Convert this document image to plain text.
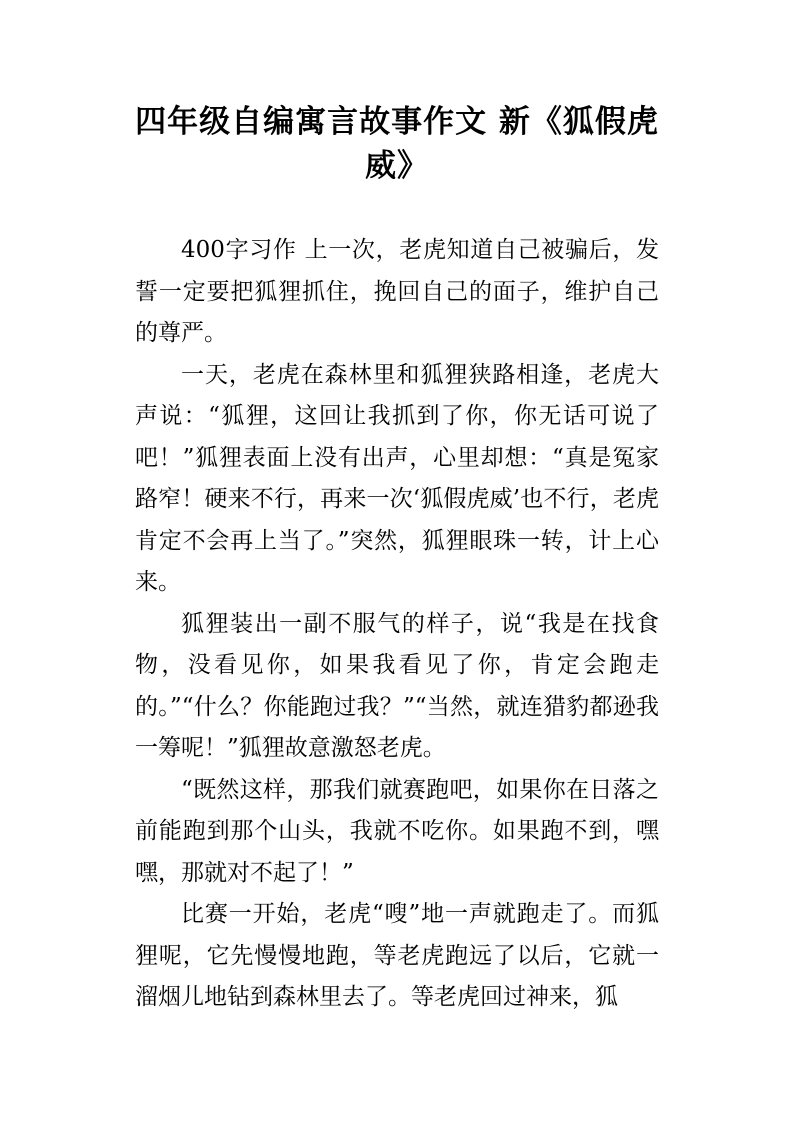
四年级自编寓言故事作文 新《狐假虎威》

400字习作 上一次，老虎知道自己被骗后，发誓一定要把狐狸抓住，挽回自己的面子，维护自己的尊严。

一天，老虎在森林里和狐狸狭路相逢，老虎大声说：“狐狸，这回让我抓到了你，你无话可说了吧！”狐狸表面上没有出声，心里却想：“真是冤家路窄！硬来不行，再来一次‘狐假虎威’也不行，老虎肯定不会再上当了。”突然，狐狸眼珠一转，计上心来。

狐狸装出一副不服气的样子，说“我是在找食物，没看见你，如果我看见了你，肯定会跑走的。”“什么？你能跑过我？”“当然，就连猎豹都逊我一筹呢！”狐狸故意激怒老虎。

“既然这样，那我们就赛跑吧，如果你在日落之前能跑到那个山头，我就不吃你。如果跑不到，嘿嘿，那就对不起了！”

比赛一开始，老虎“嗖”地一声就跑走了。而狐狸呢，它先慢慢地跑，等老虎跑远了以后，它就一溜烟儿地钻到森林里去了。等老虎回过神来，狐
